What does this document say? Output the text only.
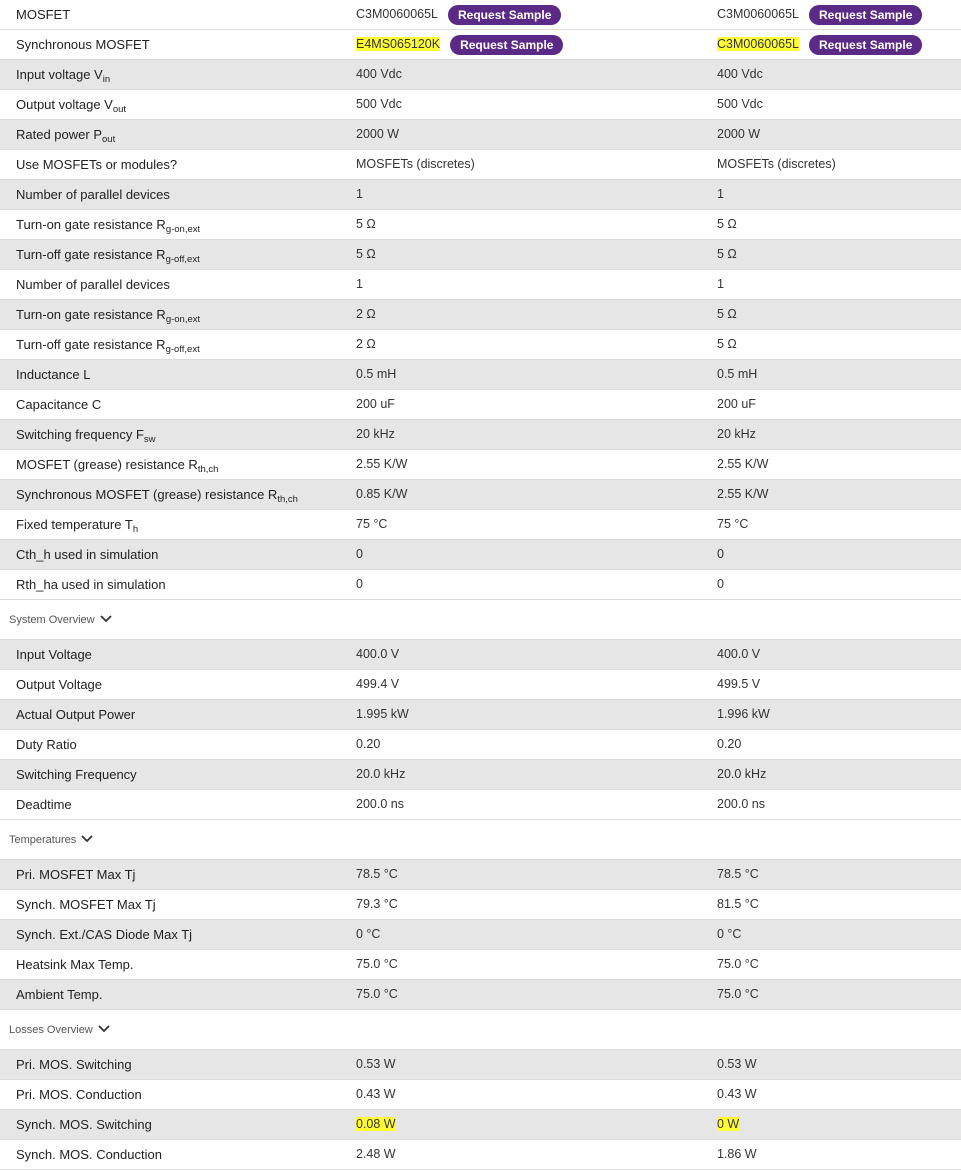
MOSFET	C3M0060065L Request Sample	C3M0060065L Request Sample
Synchronous MOSFET	E4MS065120K Request Sample	C3M0060065L Request Sample
Input voltage $V_{in}$	400 Vdc	400 Vdc
Output voltage $V_{out}$	500 Vdc	500 Vdc
Rated power $P_{out}$	2000 W	2000 W
Use MOSFETs or modules?	MOSFETs (discretes)	MOSFETs (discretes)
Number of parallel devices	1	1
Turn-on gate resistance $R_{g-on,ext}$	5 Ω	5 Ω
Turn-off gate resistance $R_{g-off,ext}$	5 Ω	5 Ω
Number of parallel devices	1	1
Turn-on gate resistance $R_{g-on,ext}$	2 Ω	5 Ω
Turn-off gate resistance $R_{g-off,ext}$	2 Ω	5 Ω
Inductance L	0.5 mH	0.5 mH
Capacitance C	200 uF	200 uF
Switching frequency $F_{sw}$	20 kHz	20 kHz
MOSFET (grease) resistance $R_{th,ch}$	2.55 K/W	2.55 K/W
Synchronous MOSFET (grease) resistance $R_{th,ch}$	0.85 K/W	2.55 K/W
Fixed temperature $T_h$	75 °C	75 °C
Cth_h used in simulation	0	0
Rth_ha used in simulation	0	0
System Overview
Input Voltage	400.0 V	400.0 V
Output Voltage	499.4 V	499.5 V
Actual Output Power	1.995 kW	1.996 kW
Duty Ratio	0.20	0.20
Switching Frequency	20.0 kHz	20.0 kHz
Deadtime	200.0 ns	200.0 ns
Temperatures
Pri. MOSFET Max Tj	78.5 °C	78.5 °C
Synch. MOSFET Max Tj	79.3 °C	81.5 °C
Synch. Ext./CAS Diode Max Tj	0 °C	0 °C
Heatsink Max Temp.	75.0 °C	75.0 °C
Ambient Temp.	75.0 °C	75.0 °C
Losses Overview
Pri. MOS. Switching	0.53 W	0.53 W
Pri. MOS. Conduction	0.43 W	0.43 W
Synch. MOS. Switching	0.08 W	0 W
Synch. MOS. Conduction	2.48 W	1.86 W
